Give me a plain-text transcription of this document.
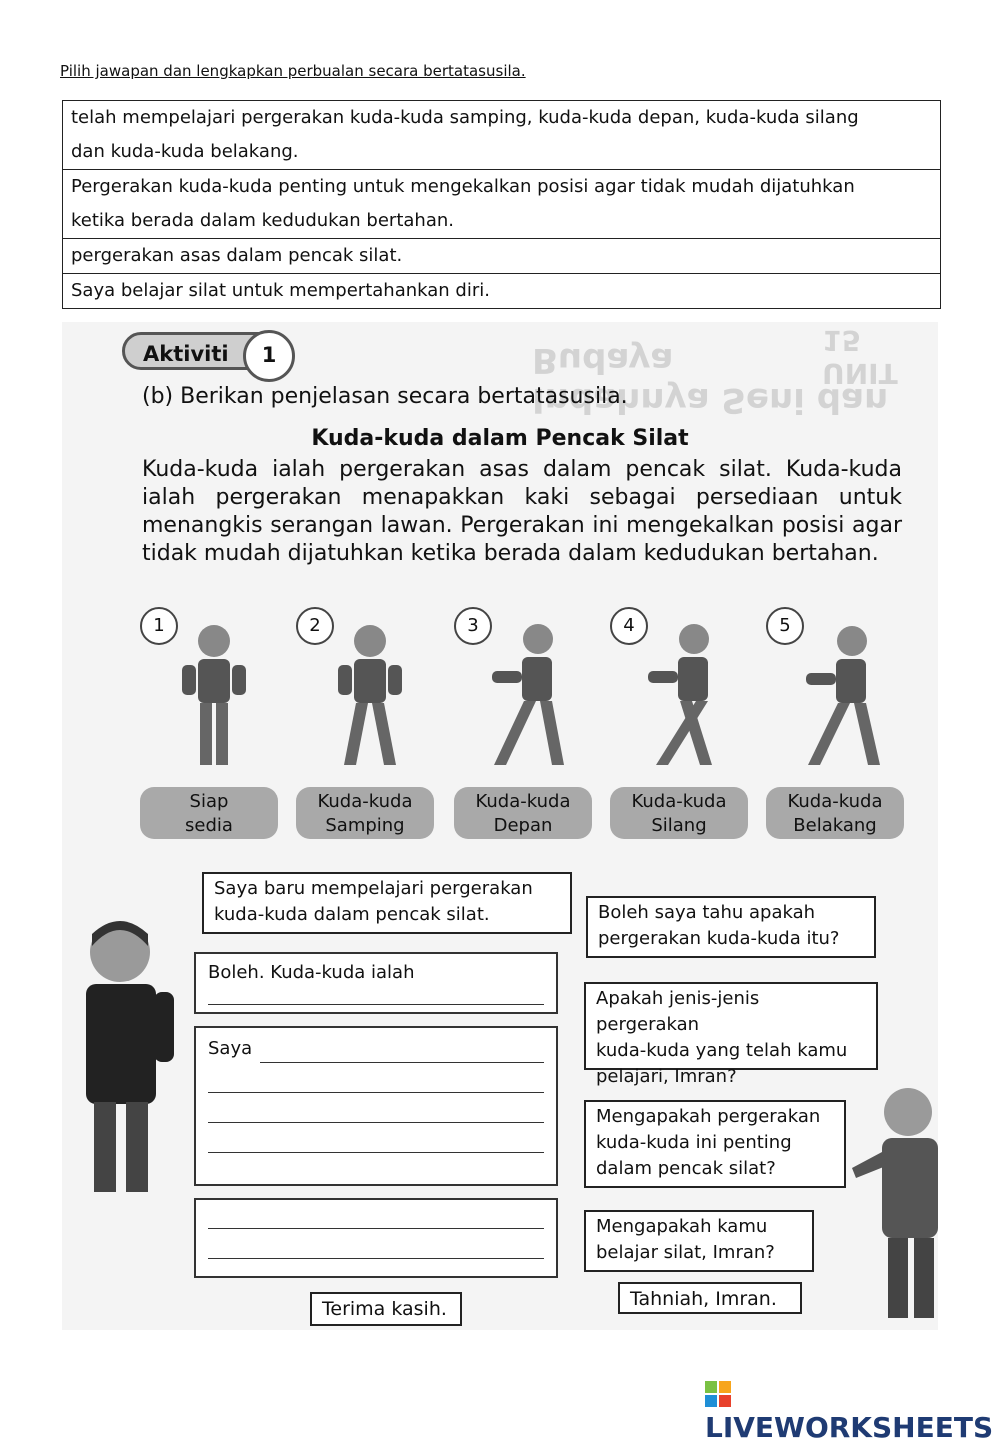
Pilih jawapan dan lengkapkan perbualan secara bertatasusila.
telah mempelajari pergerakan kuda-kuda samping, kuda-kuda depan, kuda-kuda silang
dan kuda-kuda belakang.
Pergerakan kuda-kuda penting untuk mengekalkan posisi agar tidak mudah dijatuhkan
ketika berada dalam kedudukan bertahan.
pergerakan asas dalam pencak silat.
Saya belajar silat untuk mempertahankan diri.
Indahnya Seni dan Budaya	UNIT 15
Aktiviti	1
(b) Berikan penjelasan secara bertatasusila.
Kuda-kuda dalam Pencak Silat
Kuda-kuda ialah pergerakan asas dalam pencak silat. Kuda-kuda ialah pergerakan menapakkan kaki sebagai persediaan untuk menangkis serangan lawan. Pergerakan ini mengekalkan posisi agar tidak mudah dijatuhkan ketika berada dalam kedudukan bertahan.
1
Siap
sedia
2
Kuda-kuda
Samping
3
Kuda-kuda
Depan
4
Kuda-kuda
Silang
5
Kuda-kuda
Belakang
Saya baru mempelajari pergerakan
kuda-kuda dalam pencak silat.
Boleh. Kuda-kuda ialah
Saya
Terima kasih.
Boleh saya tahu apakah
pergerakan kuda-kuda itu?
Apakah jenis-jenis pergerakan
kuda-kuda yang telah kamu
pelajari, Imran?
Mengapakah pergerakan
kuda-kuda ini penting
dalam pencak silat?
Mengapakah kamu
belajar silat, Imran?
Tahniah, Imran.
LIVEWORKSHEETS
